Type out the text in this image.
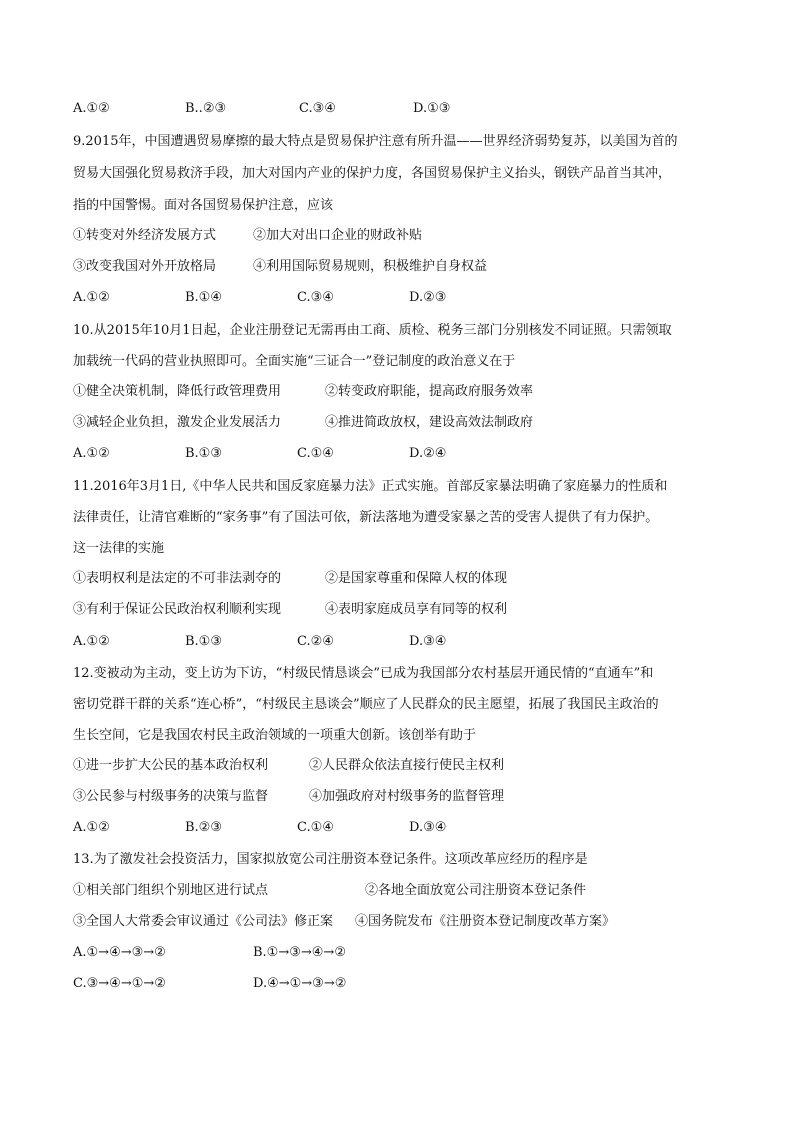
A.①②	B..②③	C.③④	D.①③
9.2015年，中国遭遇贸易摩擦的最大特点是贸易保护注意有所升温——世界经济弱势复苏，以美国为首的
贸易大国强化贸易救济手段，加大对国内产业的保护力度，各国贸易保护主义抬头，钢铁产品首当其冲，
指的中国警惕。面对各国贸易保护注意，应该
①转变对外经济发展方式	②加大对出口企业的财政补贴
③改变我国对外开放格局	④利用国际贸易规则，积极维护自身权益
A.①②	B.①④	C.③④	D.②③
10.从2015年10月1日起，企业注册登记无需再由工商、质检、税务三部门分别核发不同证照。只需领取
加载统一代码的营业执照即可。全面实施“三证合一”登记制度的政治意义在于
①健全决策机制，降低行政管理费用	②转变政府职能，提高政府服务效率
③减轻企业负担，激发企业发展活力	④推进简政放权，建设高效法制政府
A.①②	B.①③	C.①④	D.②④
11.2016年3月1日,《中华人民共和国反家庭暴力法》正式实施。首部反家暴法明确了家庭暴力的性质和
法律责任，让清官难断的“家务事”有了国法可依，新法落地为遭受家暴之苦的受害人提供了有力保护。
这一法律的实施
①表明权利是法定的不可非法剥夺的	②是国家尊重和保障人权的体现
③有利于保证公民政治权利顺利实现	④表明家庭成员享有同等的权利
A.①②	B.①③	C.②④	D.③④
12.变被动为主动，变上访为下访，“村级民情恳谈会”已成为我国部分农村基层开通民情的“直通车”和
密切党群干群的关系“连心桥”，“村级民主恳谈会”顺应了人民群众的民主愿望，拓展了我国民主政治的
生长空间，它是我国农村民主政治领域的一项重大创新。该创举有助于
①进一步扩大公民的基本政治权利	②人民群众依法直接行使民主权利
③公民参与村级事务的决策与监督	④加强政府对村级事务的监督管理
A.①②	B.②③	C.①④	D.③④
13.为了激发社会投资活力，国家拟放宽公司注册资本登记条件。这项改革应经历的程序是
①相关部门组织个别地区进行试点	②各地全面放宽公司注册资本登记条件
③全国人大常委会审议通过《公司法》修正案 ④国务院发布《注册资本登记制度改革方案》
A.①→④→③→②	B.①→③→④→②
C.③→④→①→②	D.④→①→③→②
